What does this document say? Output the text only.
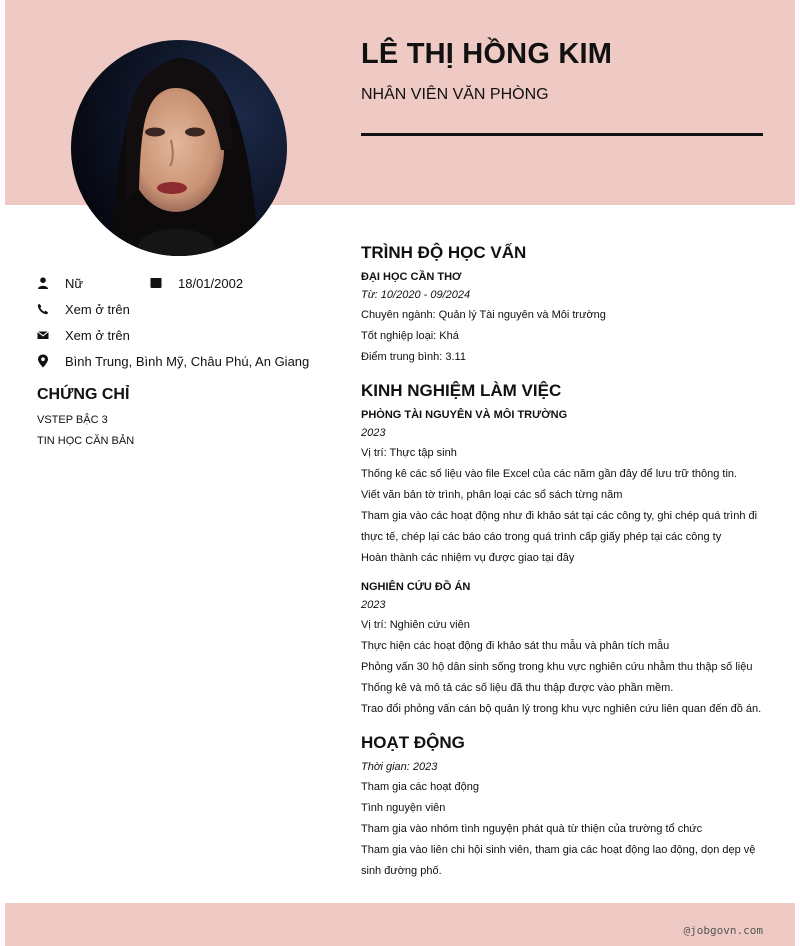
LÊ THỊ HỒNG KIM
NHÂN VIÊN VĂN PHÒNG
Nữ	18/01/2002
Xem ở trên
Xem ở trên
Bình Trung, Bình Mỹ, Châu Phú, An Giang
CHỨNG CHỈ
VSTEP BẬC 3
TIN HỌC CĂN BẢN
TRÌNH ĐỘ HỌC VẤN
ĐẠI HỌC CẦN THƠ
Từ: 10/2020 - 09/2024
Chuyên ngành: Quản lý Tài nguyên và Môi trường
Tốt nghiệp loại: Khá
Điểm trung bình: 3.11
KINH NGHIỆM LÀM VIỆC
PHÒNG TÀI NGUYÊN VÀ MÔI TRƯỜNG
2023
Vị trí: Thực tập sinh
Thống kê các số liệu vào file Excel của các năm gần đây để lưu trữ thông tin.
Viết văn bản tờ trình, phân loại các sổ sách từng năm
Tham gia vào các hoạt động như đi khảo sát tại các công ty, ghi chép quá trình đi thực tế, chép lại các báo cáo trong quá trình cấp giấy phép tại các công ty
Hoàn thành các nhiệm vụ được giao tại đây
NGHIÊN CỨU ĐỒ ÁN
2023
Vị trí: Nghiên cứu viên
Thực hiện các hoạt động đi khảo sát thu mẫu và phân tích mẫu
Phỏng vấn 30 hộ dân sinh sống trong khu vực nghiên cứu nhằm thu thập số liệu
Thống kê và mô tả các số liệu đã thu thập được vào phần mềm.
Trao đổi phỏng vấn cán bộ quản lý trong khu vực nghiên cứu liên quan đến đồ án.
HOẠT ĐỘNG
Thời gian: 2023
Tham gia các hoạt động
Tình nguyện viên
Tham gia vào nhóm tình nguyện phát quà từ thiện của trường tổ chức
Tham gia vào liên chi hội sinh viên, tham gia các hoạt động lao động, dọn dẹp vệ sinh đường phố.
@jobgovn.com
